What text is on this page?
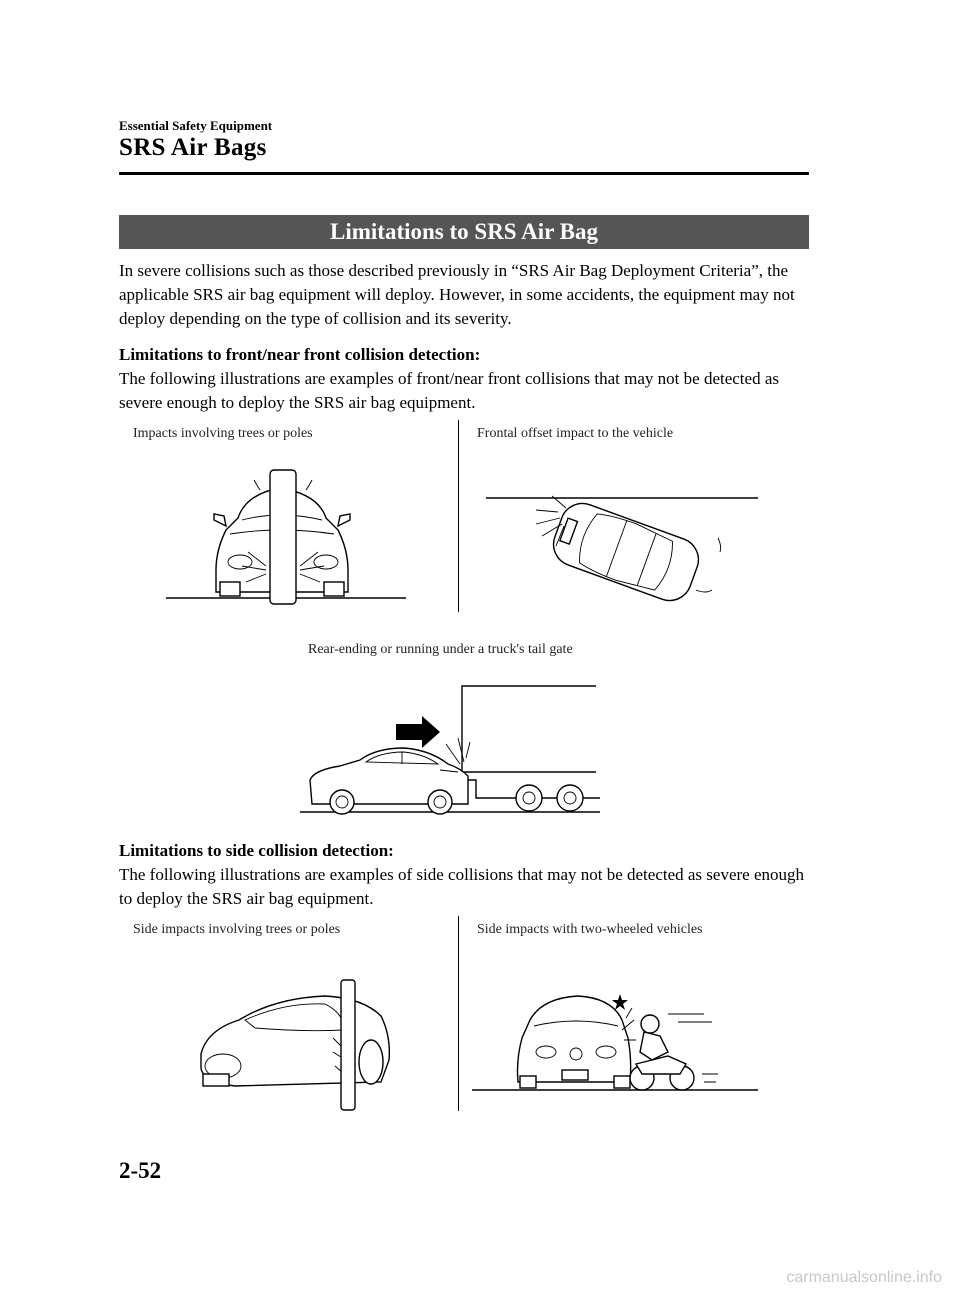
Essential Safety Equipment
SRS Air Bags
Limitations to SRS Air Bag
In severe collisions such as those described previously in “SRS Air Bag Deployment Criteria”, the applicable SRS air bag equipment will deploy. However, in some accidents, the equipment may not deploy depending on the type of collision and its severity.
Limitations to front/near front collision detection:
The following illustrations are examples of front/near front collisions that may not be detected as severe enough to deploy the SRS air bag equipment.
Impacts involving trees or poles	Frontal offset impact to the vehicle
Rear-ending or running under a truck's tail gate
Limitations to side collision detection:
The following illustrations are examples of side collisions that may not be detected as severe enough to deploy the SRS air bag equipment.
Side impacts involving trees or poles	Side impacts with two-wheeled vehicles
2-52
carmanualsonline.info
